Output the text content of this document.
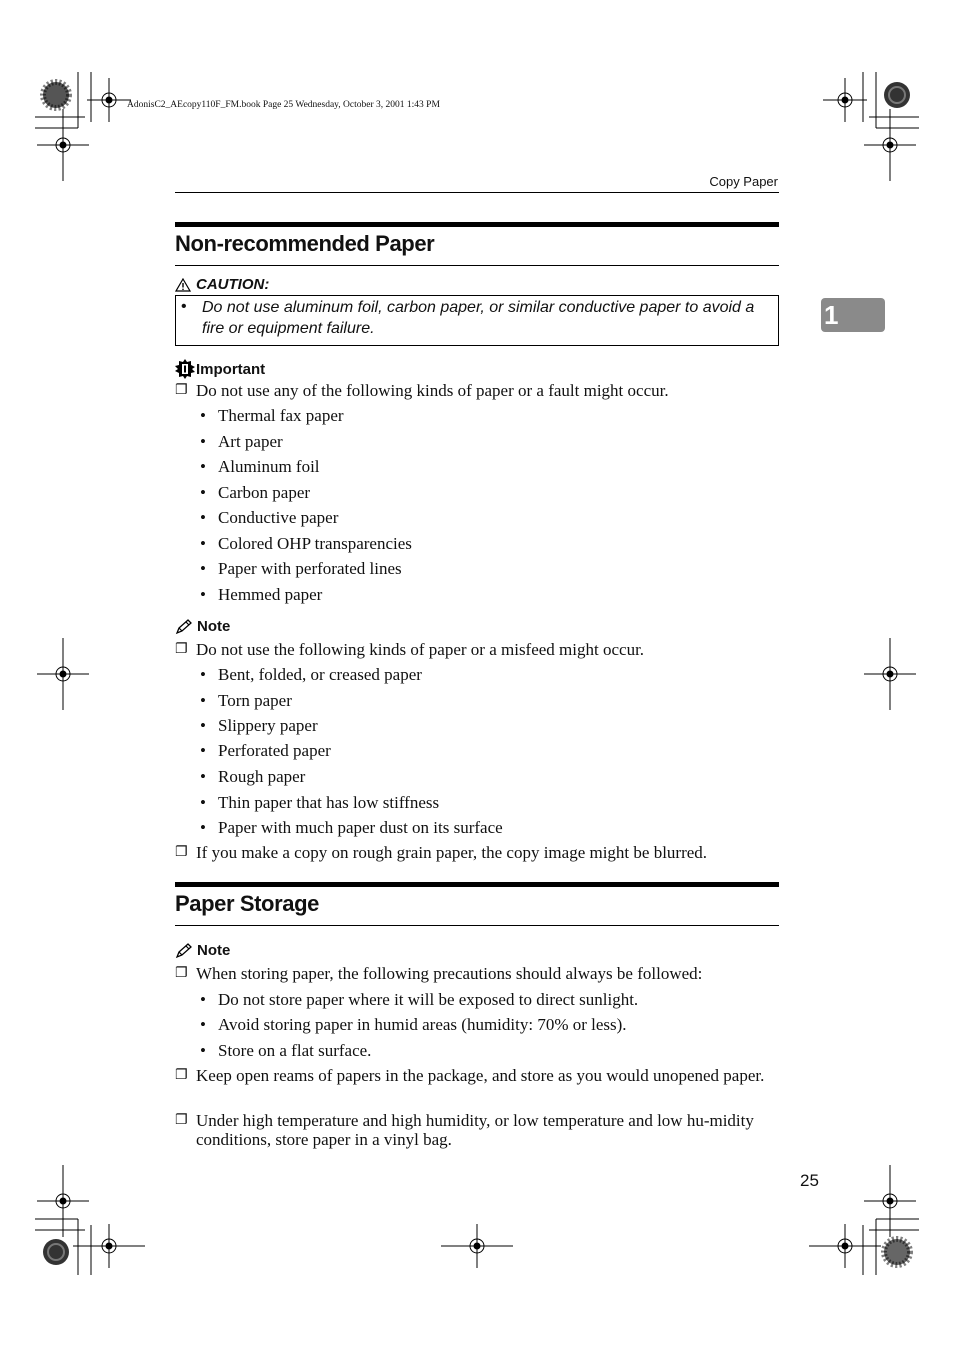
AdonisC2_AEcopy110F_FM.book Page 25 Wednesday, October 3, 2001 1:43 PM
Copy Paper
1
Non-recommended Paper
CAUTION:
• Do not use aluminum foil, carbon paper, or similar conductive paper to avoid a fire or equipment failure.
Important
❐ Do not use any of the following kinds of paper or a fault might occur.
• Thermal fax paper
• Art paper
• Aluminum foil
• Carbon paper
• Conductive paper
• Colored OHP transparencies
• Paper with perforated lines
• Hemmed paper
Note
❐ Do not use the following kinds of paper or a misfeed might occur.
• Bent, folded, or creased paper
• Torn paper
• Slippery paper
• Perforated paper
• Rough paper
• Thin paper that has low stiffness
• Paper with much paper dust on its surface
❐ If you make a copy on rough grain paper, the copy image might be blurred.
Paper Storage
Note
❐ When storing paper, the following precautions should always be followed:
• Do not store paper where it will be exposed to direct sunlight.
• Avoid storing paper in humid areas (humidity: 70% or less).
• Store on a flat surface.
❐ Keep open reams of papers in the package, and store as you would unopened paper.
❐ Under high temperature and high humidity, or low temperature and low hu-midity conditions, store paper in a vinyl bag.
25
